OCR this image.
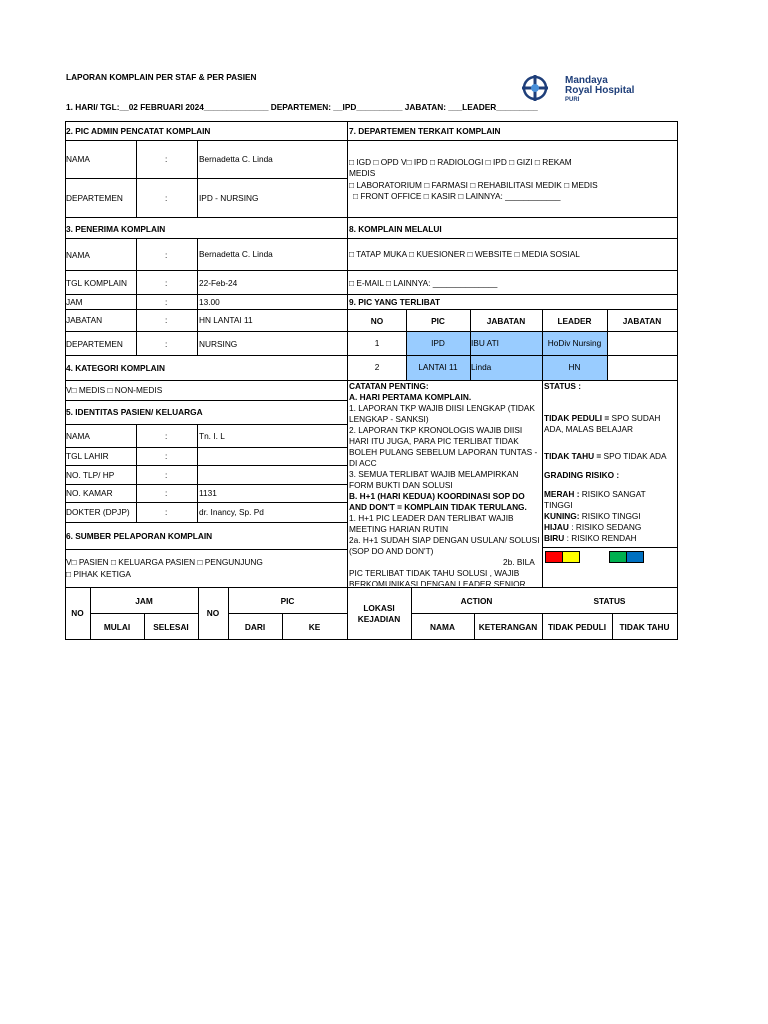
LAPORAN KOMPLAIN PER STAF & PER PASIEN
1. HARI/ TGL:__02 FEBRUARI 2024______________ DEPARTEMEN: __IPD__________ JABATAN: ___LEADER_________
Mandaya
Royal Hospital
PURI
2. PIC ADMIN PENCATAT KOMPLAIN
NAMA	:	Bernadetta C. Linda
DEPARTEMEN	:	IPD - NURSING
7. DEPARTEMEN TERKAIT KOMPLAIN
□ IGD □ OPD V□ IPD □ RADIOLOGI □ IPD □ GIZI □ REKAM
MEDIS
□ LABORATORIUM □ FARMASI □ REHABILITASI MEDIK □ MEDIS
□ FRONT OFFICE □ KASIR □ LAINNYA: ____________
3. PENERIMA KOMPLAIN
NAMA	:	Bernadetta C. Linda
TGL KOMPLAIN	:	22-Feb-24
JAM	:	13.00
JABATAN	:	HN LANTAI 11
DEPARTEMEN	:	NURSING
8. KOMPLAIN MELALUI
□ TATAP MUKA □ KUESIONER □ WEBSITE □ MEDIA SOSIAL
□ E-MAIL □ LAINNYA: ______________
9. PIC YANG TERLIBAT
NO	PIC	JABATAN	LEADER	JABATAN
1	IPD	IBU ATI	HoDiv Nursing
2	LANTAI 11	Linda	HN
4. KATEGORI KOMPLAIN
V□ MEDIS □ NON-MEDIS
5. IDENTITAS PASIEN/ KELUARGA
NAMA	:	Tn. I. L
TGL LAHIR	:
NO. TLP/ HP	:
NO. KAMAR	:	1131
DOKTER (DPJP)	:	dr. Inancy, Sp. Pd
6. SUMBER PELAPORAN KOMPLAIN
V□ PASIEN □ KELUARGA PASIEN □ PENGUNJUNG
□ PIHAK KETIGA
CATATAN PENTING:
A. HARI PERTAMA KOMPLAIN.
1. LAPORAN TKP WAJIB DIISI LENGKAP (TIDAK
LENGKAP - SANKSI)
2. LAPORAN TKP KRONOLOGIS WAJIB DIISI
HARI ITU JUGA, PARA PIC TERLIBAT TIDAK
BOLEH PULANG SEBELUM LAPORAN TUNTAS -
DI ACC
3. SEMUA TERLIBAT WAJIB MELAMPIRKAN
FORM BUKTI DAN SOLUSI
B. H+1 (HARI KEDUA) KOORDINASI SOP DO
AND DON'T = KOMPLAIN TIDAK TERULANG.
1. H+1 PIC LEADER DAN TERLIBAT WAJIB
MEETING HARIAN RUTIN
2a. H+1 SUDAH SIAP DENGAN USULAN/ SOLUSI
(SOP DO AND DON'T)
2b. BILA
PIC TERLIBAT TIDAK TAHU SOLUSI , WAJIB
BERKOMUNIKASI DENGAN LEADER SENIOR
STATUS :
TIDAK PEDULI = SPO SUDAH
ADA, MALAS BELAJAR
TIDAK TAHU = SPO TIDAK ADA
GRADING RISIKO :
MERAH : RISIKO SANGAT
TINGGI
KUNING: RISIKO TINGGI
HIJAU : RISIKO SEDANG
BIRU : RISIKO RENDAH
NO
JAM
MULAI	SELESAI
NO
PIC
DARI	KE
LOKASI
KEJADIAN
ACTION
NAMA	KETERANGAN
STATUS
TIDAK PEDULI	TIDAK TAHU
